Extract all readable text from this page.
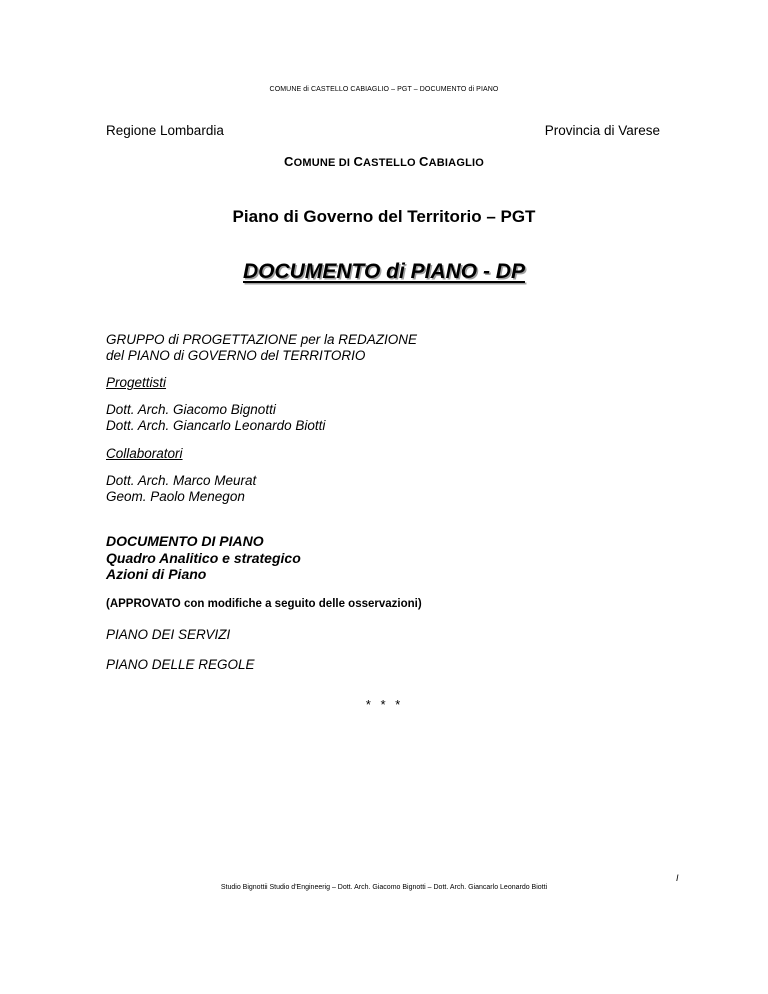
COMUNE di CASTELLO CABIAGLIO – PGT – DOCUMENTO di PIANO
Regione Lombardia	Provincia di Varese
COMUNE DI CASTELLO CABIAGLIO
Piano di Governo del Territorio – PGT
DOCUMENTO di PIANO - DP
GRUPPO di PROGETTAZIONE per la REDAZIONE
del PIANO di GOVERNO del TERRITORIO
Progettisti
Dott. Arch. Giacomo Bignotti
Dott. Arch. Giancarlo Leonardo Biotti
Collaboratori
Dott. Arch. Marco Meurat
Geom. Paolo Menegon
DOCUMENTO DI PIANO
Quadro Analitico e strategico
Azioni di Piano
(APPROVATO con modifiche a seguito delle osservazioni)
PIANO DEI SERVIZI
PIANO DELLE REGOLE
* * *
I
Studio Bignottii Studio d'Engineerig – Dott. Arch. Giacomo Bignotti – Dott. Arch. Giancarlo Leonardo Biotti
